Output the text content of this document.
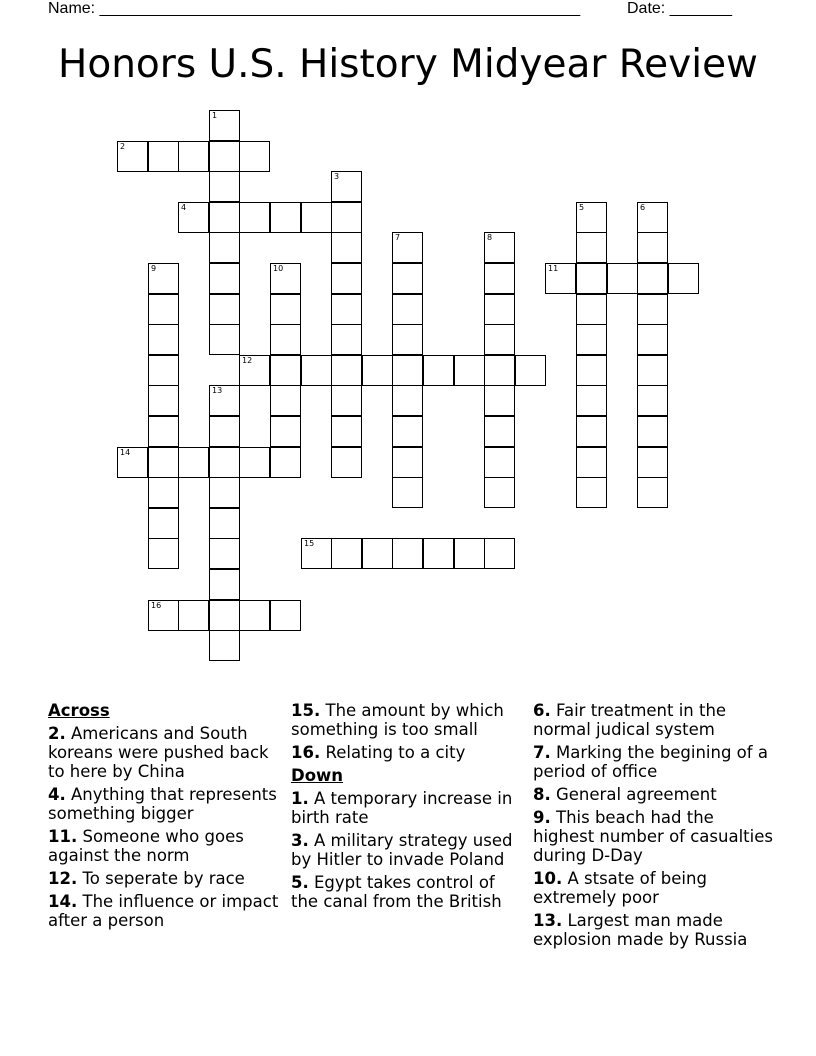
Name: ______________________________________________________	Date: _______
Honors U.S. History Midyear Review
2
4
11
12
14
15
16
1
3
5	6
7	8
9	10
13
Across
2. Americans and South koreans were pushed back to here by China
4. Anything that represents something bigger
11. Someone who goes against the norm
12. To seperate by race
14. The influence or impact after a person
15. The amount by which something is too small
16. Relating to a city
Down
1. A temporary increase in birth rate
3. A military strategy used by Hitler to invade Poland
5. Egypt takes control of the canal from the British
6. Fair treatment in the normal judical system
7. Marking the begining of a period of office
8. General agreement
9. This beach had the highest number of casualties during D-Day
10. A stsate of being extremely poor
13. Largest man made explosion made by Russia
